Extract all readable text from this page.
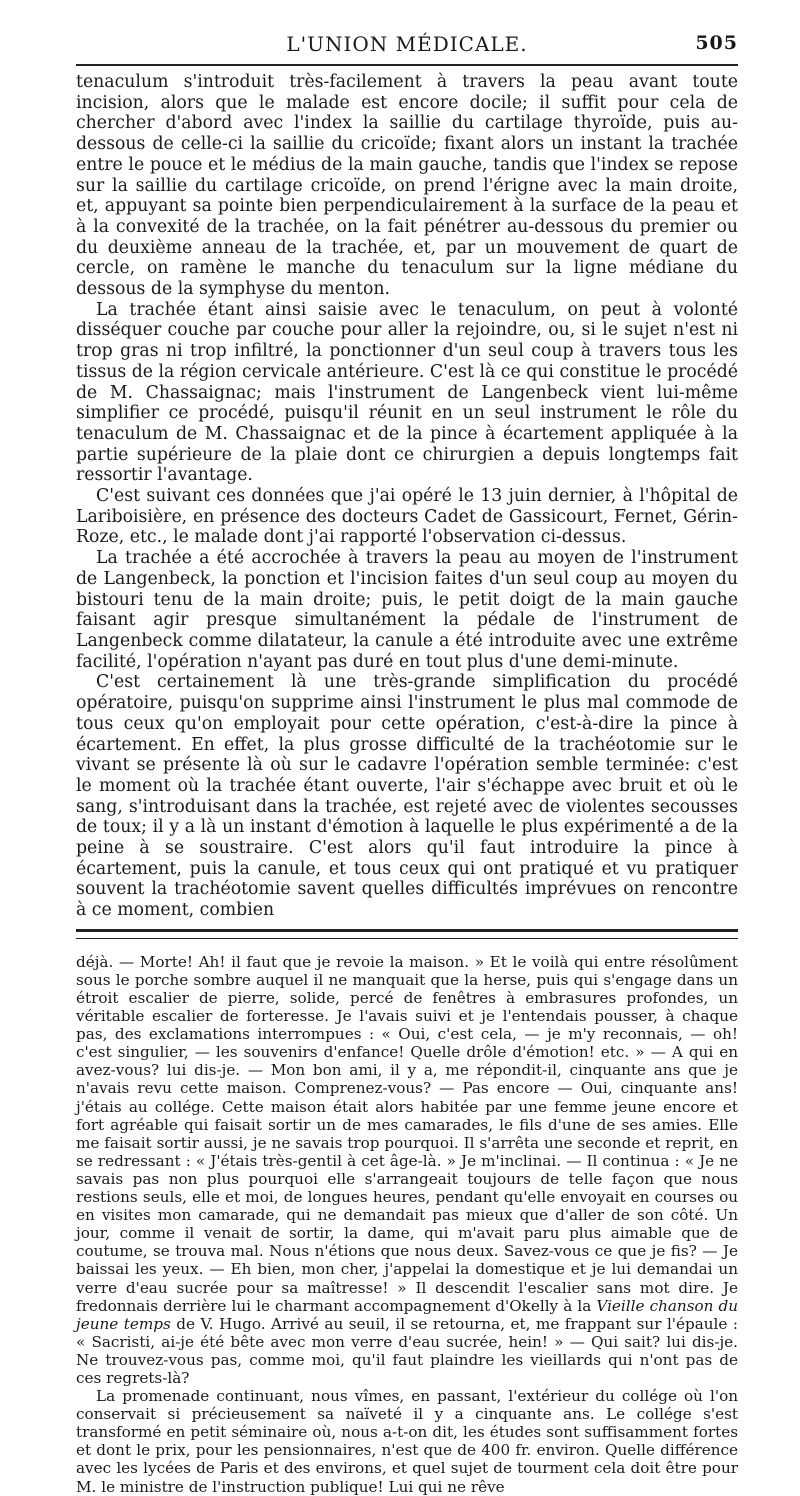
L'UNION MÉDICALE.	505

tenaculum s'introduit très-facilement à travers la peau avant toute incision, alors que le malade est encore docile; il suffit pour cela de chercher d'abord avec l'index la saillie du cartilage thyroïde, puis au-dessous de celle-ci la saillie du cricoïde; fixant alors un instant la trachée entre le pouce et le médius de la main gauche, tandis que l'index se repose sur la saillie du cartilage cricoïde, on prend l'érigne avec la main droite, et, appuyant sa pointe bien perpendiculairement à la surface de la peau et à la convexité de la trachée, on la fait pénétrer au-dessous du premier ou du deuxième anneau de la trachée, et, par un mouvement de quart de cercle, on ramène le manche du tenaculum sur la ligne médiane du dessous de la symphyse du menton.

La trachée étant ainsi saisie avec le tenaculum, on peut à volonté disséquer couche par couche pour aller la rejoindre, ou, si le sujet n'est ni trop gras ni trop infiltré, la ponctionner d'un seul coup à travers tous les tissus de la région cervicale antérieure. C'est là ce qui constitue le procédé de M. Chassaignac; mais l'instrument de Langenbeck vient lui-même simplifier ce procédé, puisqu'il réunit en un seul instrument le rôle du tenaculum de M. Chassaignac et de la pince à écartement appliquée à la partie supérieure de la plaie dont ce chirurgien a depuis longtemps fait ressortir l'avantage.

C'est suivant ces données que j'ai opéré le 13 juin dernier, à l'hôpital de Lariboisière, en présence des docteurs Cadet de Gassicourt, Fernet, Gérin-Roze, etc., le malade dont j'ai rapporté l'observation ci-dessus.

La trachée a été accrochée à travers la peau au moyen de l'instrument de Langenbeck, la ponction et l'incision faites d'un seul coup au moyen du bistouri tenu de la main droite; puis, le petit doigt de la main gauche faisant agir presque simultanément la pédale de l'instrument de Langenbeck comme dilatateur, la canule a été introduite avec une extrême facilité, l'opération n'ayant pas duré en tout plus d'une demi-minute.

C'est certainement là une très-grande simplification du procédé opératoire, puisqu'on supprime ainsi l'instrument le plus mal commode de tous ceux qu'on employait pour cette opération, c'est-à-dire la pince à écartement. En effet, la plus grosse difficulté de la trachéotomie sur le vivant se présente là où sur le cadavre l'opération semble terminée: c'est le moment où la trachée étant ouverte, l'air s'échappe avec bruit et où le sang, s'introduisant dans la trachée, est rejeté avec de violentes secousses de toux; il y a là un instant d'émotion à laquelle le plus expérimenté a de la peine à se soustraire. C'est alors qu'il faut introduire la pince à écartement, puis la canule, et tous ceux qui ont pratiqué et vu pratiquer souvent la trachéotomie savent quelles difficultés imprévues on rencontre à ce moment, combien

déjà. — Morte! Ah! il faut que je revoie la maison. » Et le voilà qui entre résolûment sous le porche sombre auquel il ne manquait que la herse, puis qui s'engage dans un étroit escalier de pierre, solide, percé de fenêtres à embrasures profondes, un véritable escalier de forteresse. Je l'avais suivi et je l'entendais pousser, à chaque pas, des exclamations interrompues : « Oui, c'est cela, — je m'y reconnais, — oh! c'est singulier, — les souvenirs d'enfance! Quelle drôle d'émotion! etc. » — A qui en avez-vous? lui dis-je. — Mon bon ami, il y a, me répondit-il, cinquante ans que je n'avais revu cette maison. Comprenez-vous? — Pas encore — Oui, cinquante ans! j'étais au collége. Cette maison était alors habitée par une femme jeune encore et fort agréable qui faisait sortir un de mes camarades, le fils d'une de ses amies. Elle me faisait sortir aussi, je ne savais trop pourquoi. Il s'arrêta une seconde et reprit, en se redressant : « J'étais très-gentil à cet âge-là. » Je m'inclinai. — Il continua : « Je ne savais pas non plus pourquoi elle s'arrangeait toujours de telle façon que nous restions seuls, elle et moi, de longues heures, pendant qu'elle envoyait en courses ou en visites mon camarade, qui ne demandait pas mieux que d'aller de son côté. Un jour, comme il venait de sortir, la dame, qui m'avait paru plus aimable que de coutume, se trouva mal. Nous n'étions que nous deux. Savez-vous ce que je fis? — Je baissai les yeux. — Eh bien, mon cher, j'appelai la domestique et je lui demandai un verre d'eau sucrée pour sa maîtresse! » Il descendit l'escalier sans mot dire. Je fredonnais derrière lui le charmant accompagnement d'Okelly à la Vieille chanson du jeune temps de V. Hugo. Arrivé au seuil, il se retourna, et, me frappant sur l'épaule : « Sacristi, ai-je été bête avec mon verre d'eau sucrée, hein! » — Qui sait? lui dis-je. Ne trouvez-vous pas, comme moi, qu'il faut plaindre les vieillards qui n'ont pas de ces regrets-là?

La promenade continuant, nous vîmes, en passant, l'extérieur du collége où l'on conservait si précieusement sa naïveté il y a cinquante ans. Le collége s'est transformé en petit séminaire où, nous a-t-on dit, les études sont suffisamment fortes et dont le prix, pour les pensionnaires, n'est que de 400 fr. environ. Quelle différence avec les lycées de Paris et des environs, et quel sujet de tourment cela doit être pour M. le ministre de l'instruction publique! Lui qui ne rêve
